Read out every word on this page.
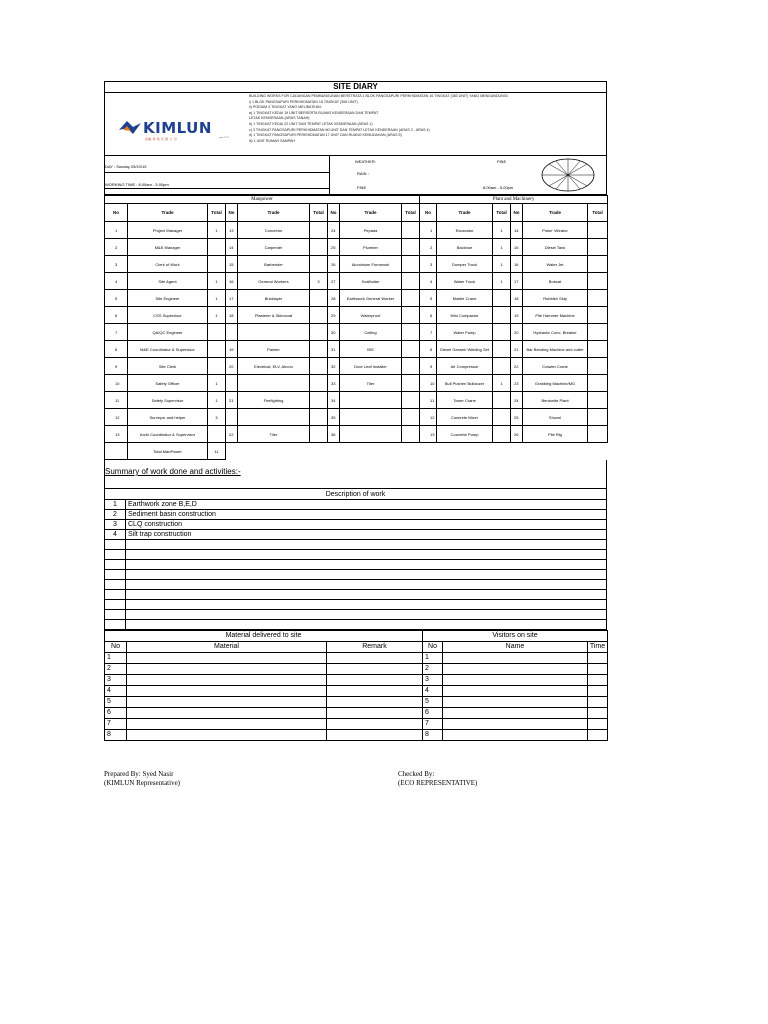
SITE DIARY
KIMLUN
金輪 建 築 有 限 公 司	since 1977
BUILDING WORKS FOR CADANGAN PEMBANGUNAN BERSTRATA 1 BLOK PANGSAPURI PERKHIDMATAN 16 TINGKAT (383 UNIT) YANG MENGANDUNGI:
i) 1 BLOK PANGSAPURI PERKHIDMATAN 18 TINGKAT (306 UNIT)
ii) PODIUM 4 TINGKAT YANG MELIBATKAN:
a) 1 TINGKAT KEDAI 19 UNIT BERSERTA RUANG KENDERAAN DAN TEMPAT
LETAK KENDERAAN (ARAS TANAH)
b) 1 TINGKAT KEDAI 22 UNIT DAN TEMPAT LETAK KENDERAAN (ARAS 1)
c) 3 TINGKAT PANGSAPURI PERKHIDMATAN 60 UNIT DAN TEMPAT LETAK KENDERAAN (ARAS 2 - ARAS 4)
d) 1 TINGKAT PANGSAPURI PERKHIDMATAN 17 UNIT DAN RUANG KEMUDAHAN (ARAS 5)
iii) 1 UNIT RUMAH SAMPAH
DAY : Sunday 25/10/15
WORKING TIME : 8.00am - 5.00pm
WEATHER:	FINE
RAIN :
FINE	8.00am - 5.00pm
Manpower									Plant and Machinery					
No	Trade	Total	No	Trade	Total	No	Trade	Total	No	Trade	Total	No	Trade	Total
1	Project Manager	1	13	Concretor		24	Pepada		1	Excavator	1	14	Poker Vibrator	
2	M&E Manager		14	Carpenter		25	Plumber		2	Backhoe	1	15	Diesel Tank	
3	Clerk of Work		15	Barbender		26	Aluminium Formwork		3	Dumper Truck	1	16	Water Jet	
4	Site Agent	1	16	General Workers	3	27	Scaffolder		4	Water Truck	1	17	Bobcat	
5	Site Engineer	1	17	Bricklayer		28	Earthwork General Worker		5	Mobile Crane		18	Rubbish Skip	
6	CSS Supervisor	1	18	Plasterer & Skimcoat		29	Waterproof		6	Mini Compactor		19	Pile Hammer Machine	
7	QA/QC Engineer					30	Ceiling		7	Water Pump		20	Hydraulic Conc. Breaker	
8	M&E Coordinator & Supervisor		19	Painter		31	IBS		8	Diesel Genset/ Welding Set		21	Bar Bending Machine and cutter	
9	Site Clerk		20	Electrical, ELV, Aircon		32	Door Leaf Installer		9	Air Compressor		22	Crawler Crane	
10	Safety Officer	1				33	Tiler		10	Bull Pusher/ Bulldozer	1	23	Grabbing Machine/MG	
11	Safety Supervisor	1	21	Firefighting		34			11	Tower Crane		24	Bentonite Plant	
12	Surveyor and helper	3				35			12	Concrete Mixer		25	Shovel	
13	Archi Coordinator & Supervisor		22	Tiler		36			13	Concrete Pump		26	Pile Rig	
	Total ManPower	11												
Summary of work done and activities:-
Description of work	
1	Earthwork zone B,E,D
2	Sediment basin construction
3	CLQ construction
4	Silt trap construction

Material delivered to site			Visitors on site		
No	Material	Remark	No	Name	Time
1			1		
2			2		
3			3		
4			4		
5			5		
6			6		
7			7		
8			8		
Prepared By: Syed Nasir
(KIMLUN Representative)
Checked By:
(ECO REPRESENTATIVE)
